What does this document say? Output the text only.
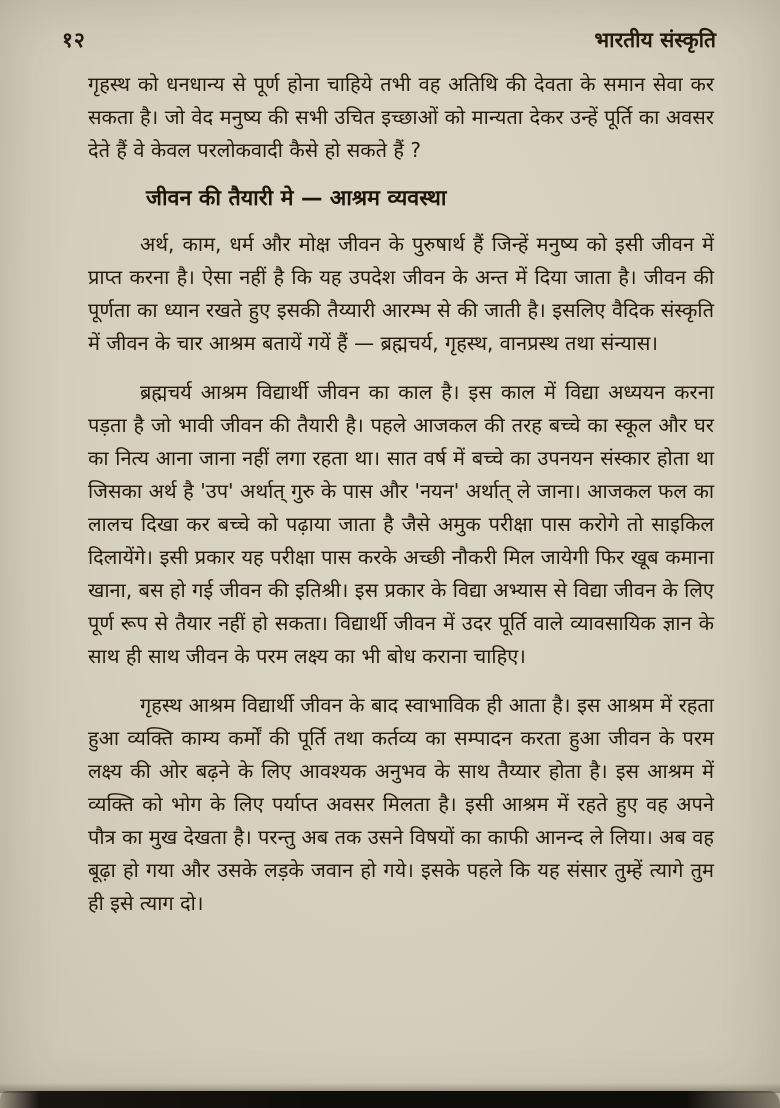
१२	भारतीय संस्कृति

गृहस्थ को धनधान्य से पूर्ण होना चाहिये तभी वह अतिथि की देवता के समान सेवा कर सकता है। जो वेद मनुष्य की सभी उचित इच्छाओं को मान्यता देकर उन्हें पूर्ति का अवसर देते हैं वे केवल परलोकवादी कैसे हो सकते हैं ?

जीवन की तैयारी मे — आश्रम व्यवस्था

अर्थ, काम, धर्म और मोक्ष जीवन के पुरुषार्थ हैं जिन्हें मनुष्य को इसी जीवन में प्राप्त करना है। ऐसा नहीं है कि यह उपदेश जीवन के अन्त में दिया जाता है। जीवन की पूर्णता का ध्यान रखते हुए इसकी तैय्यारी आरम्भ से की जाती है। इसलिए वैदिक संस्कृति में जीवन के चार आश्रम बतायें गयें हैं — ब्रह्मचर्य, गृहस्थ, वानप्रस्थ तथा संन्यास।

ब्रह्मचर्य आश्रम विद्यार्थी जीवन का काल है। इस काल में विद्या अध्ययन करना पड़ता है जो भावी जीवन की तैयारी है। पहले आजकल की तरह बच्चे का स्कूल और घर का नित्य आना जाना नहीं लगा रहता था। सात वर्ष में बच्चे का उपनयन संस्कार होता था जिसका अर्थ है 'उप' अर्थात् गुरु के पास और 'नयन' अर्थात् ले जाना। आजकल फल का लालच दिखा कर बच्चे को पढ़ाया जाता है जैसे अमुक परीक्षा पास करोगे तो साइकिल दिलायेंगे। इसी प्रकार यह परीक्षा पास करके अच्छी नौकरी मिल जायेगी फिर खूब कमाना खाना, बस हो गई जीवन की इतिश्री। इस प्रकार के विद्या अभ्यास से विद्या जीवन के लिए पूर्ण रूप से तैयार नहीं हो सकता। विद्यार्थी जीवन में उदर पूर्ति वाले व्यावसायिक ज्ञान के साथ ही साथ जीवन के परम लक्ष्य का भी बोध कराना चाहिए।

गृहस्थ आश्रम विद्यार्थी जीवन के बाद स्वाभाविक ही आता है। इस आश्रम में रहता हुआ व्यक्ति काम्य कर्मों की पूर्ति तथा कर्तव्य का सम्पादन करता हुआ जीवन के परम लक्ष्य की ओर बढ़ने के लिए आवश्यक अनुभव के साथ तैय्यार होता है। इस आश्रम में व्यक्ति को भोग के लिए पर्याप्त अवसर मिलता है। इसी आश्रम में रहते हुए वह अपने पौत्र का मुख देखता है। परन्तु अब तक उसने विषयों का काफी आनन्द ले लिया। अब वह बूढ़ा हो गया और उसके लड़के जवान हो गये। इसके पहले कि यह संसार तुम्हें त्यागे तुम ही इसे त्याग दो।
